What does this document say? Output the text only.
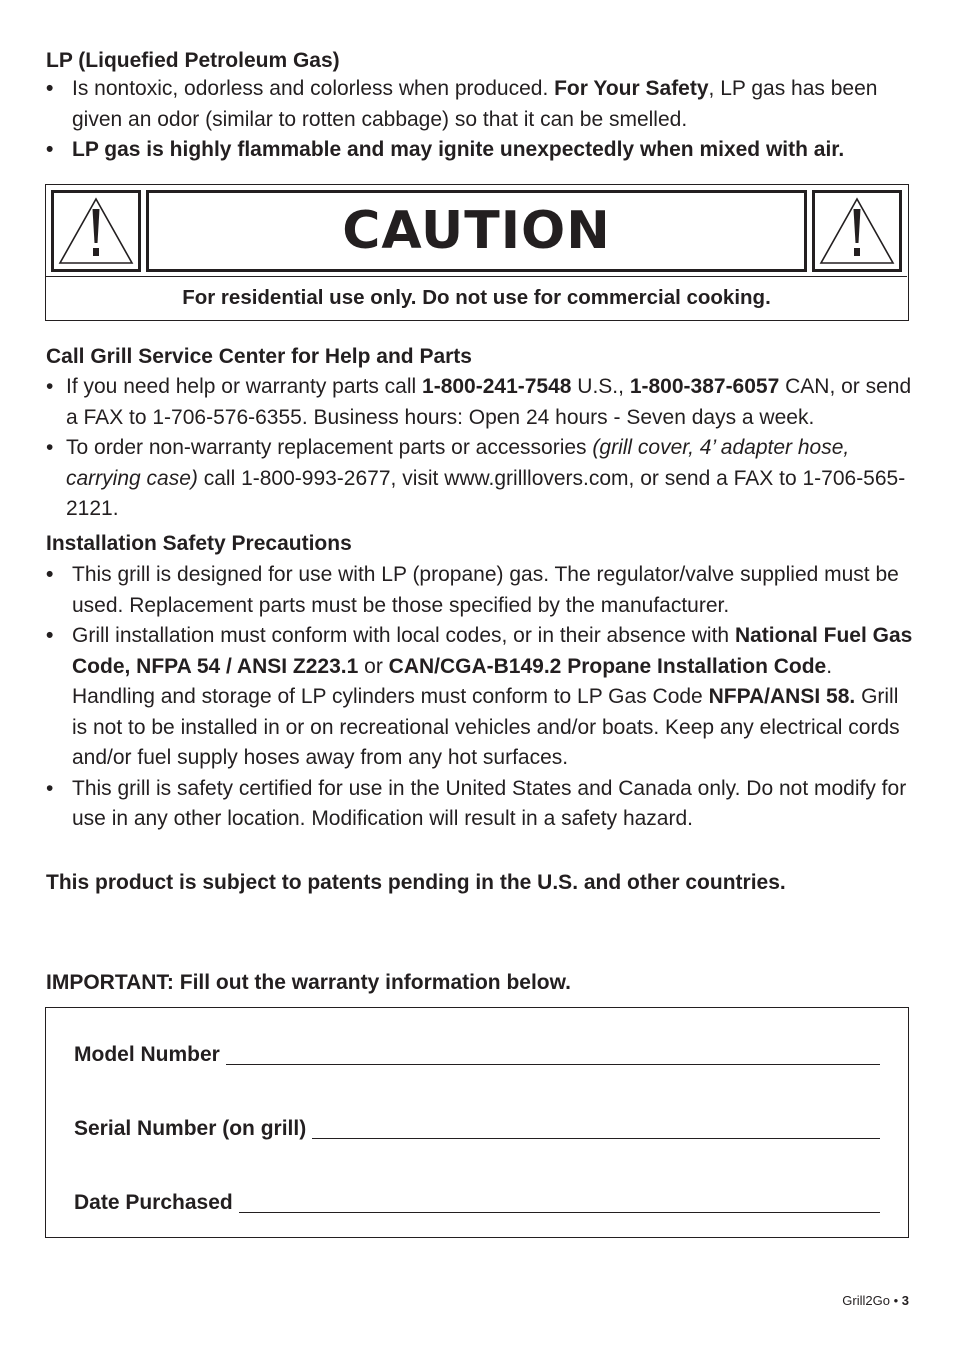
LP (Liquefied Petroleum Gas)
• Is nontoxic, odorless and colorless when produced. For Your Safety, LP gas has been given an odor (similar to rotten cabbage) so that it can be smelled.
• LP gas is highly flammable and may ignite unexpectedly when mixed with air.
CAUTION
For residential use only. Do not use for commercial cooking.
Call Grill Service Center for Help and Parts
• If you need help or warranty parts call 1-800-241-7548 U.S., 1-800-387-6057 CAN, or send a FAX to 1-706-576-6355. Business hours: Open 24 hours - Seven days a week.
• To order non-warranty replacement parts or accessories (grill cover, 4’ adapter hose, carrying case) call 1-800-993-2677, visit www.grilllovers.com, or send a FAX to 1-706-565-2121.
Installation Safety Precautions
• This grill is designed for use with LP (propane) gas. The regulator/valve supplied must be used. Replacement parts must be those specified by the manufacturer.
• Grill installation must conform with local codes, or in their absence with National Fuel Gas Code, NFPA 54 / ANSI Z223.1 or CAN/CGA-B149.2 Propane Installation Code. Handling and storage of LP cylinders must conform to LP Gas Code NFPA/ANSI 58. Grill is not to be installed in or on recreational vehicles and/or boats. Keep any electrical cords and/or fuel supply hoses away from any hot surfaces.
• This grill is safety certified for use in the United States and Canada only. Do not modify for use in any other location. Modification will result in a safety hazard.
This product is subject to patents pending in the U.S. and other countries.
IMPORTANT: Fill out the warranty information below.
Model Number
Serial Number (on grill)
Date Purchased
Grill2Go • 3
